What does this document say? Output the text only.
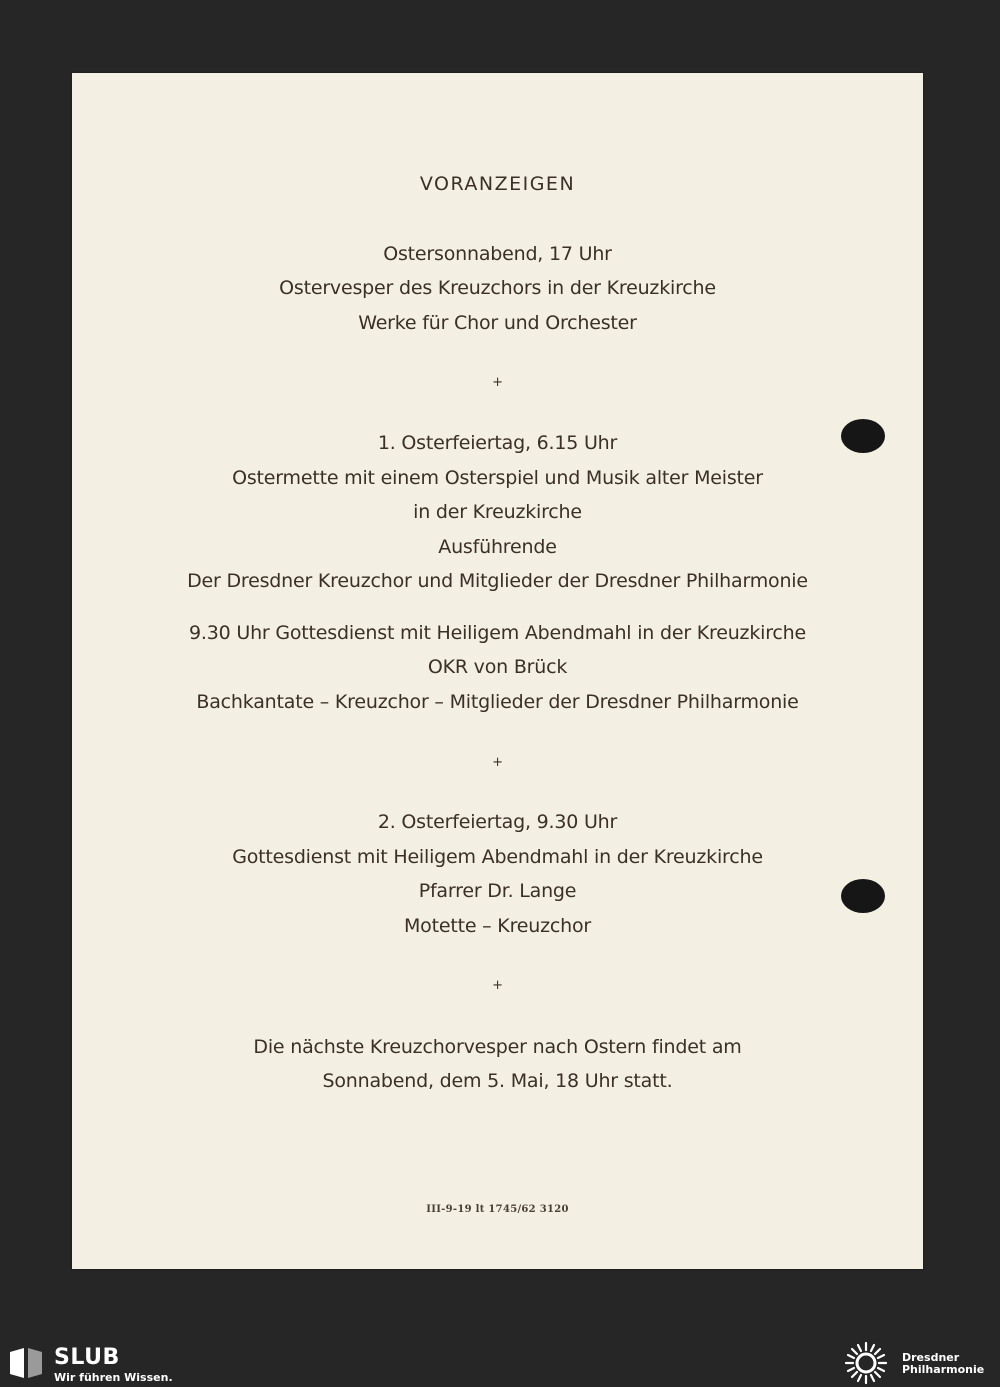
VORANZEIGEN
Ostersonnabend, 17 Uhr
Ostervesper des Kreuzchors in der Kreuzkirche
Werke für Chor und Orchester
+
1. Osterfeiertag, 6.15 Uhr
Ostermette mit einem Osterspiel und Musik alter Meister
in der Kreuzkirche
Ausführende
Der Dresdner Kreuzchor und Mitglieder der Dresdner Philharmonie
9.30 Uhr Gottesdienst mit Heiligem Abendmahl in der Kreuzkirche
OKR von Brück
Bachkantate – Kreuzchor – Mitglieder der Dresdner Philharmonie
+
2. Osterfeiertag, 9.30 Uhr
Gottesdienst mit Heiligem Abendmahl in der Kreuzkirche
Pfarrer Dr. Lange
Motette – Kreuzchor
+
Die nächste Kreuzchorvesper nach Ostern findet am
Sonnabend, dem 5. Mai, 18 Uhr statt.
III-9-19 lt 1745/62 3120
SLUB
Wir führen Wissen.
Dresdner
Philharmonie
